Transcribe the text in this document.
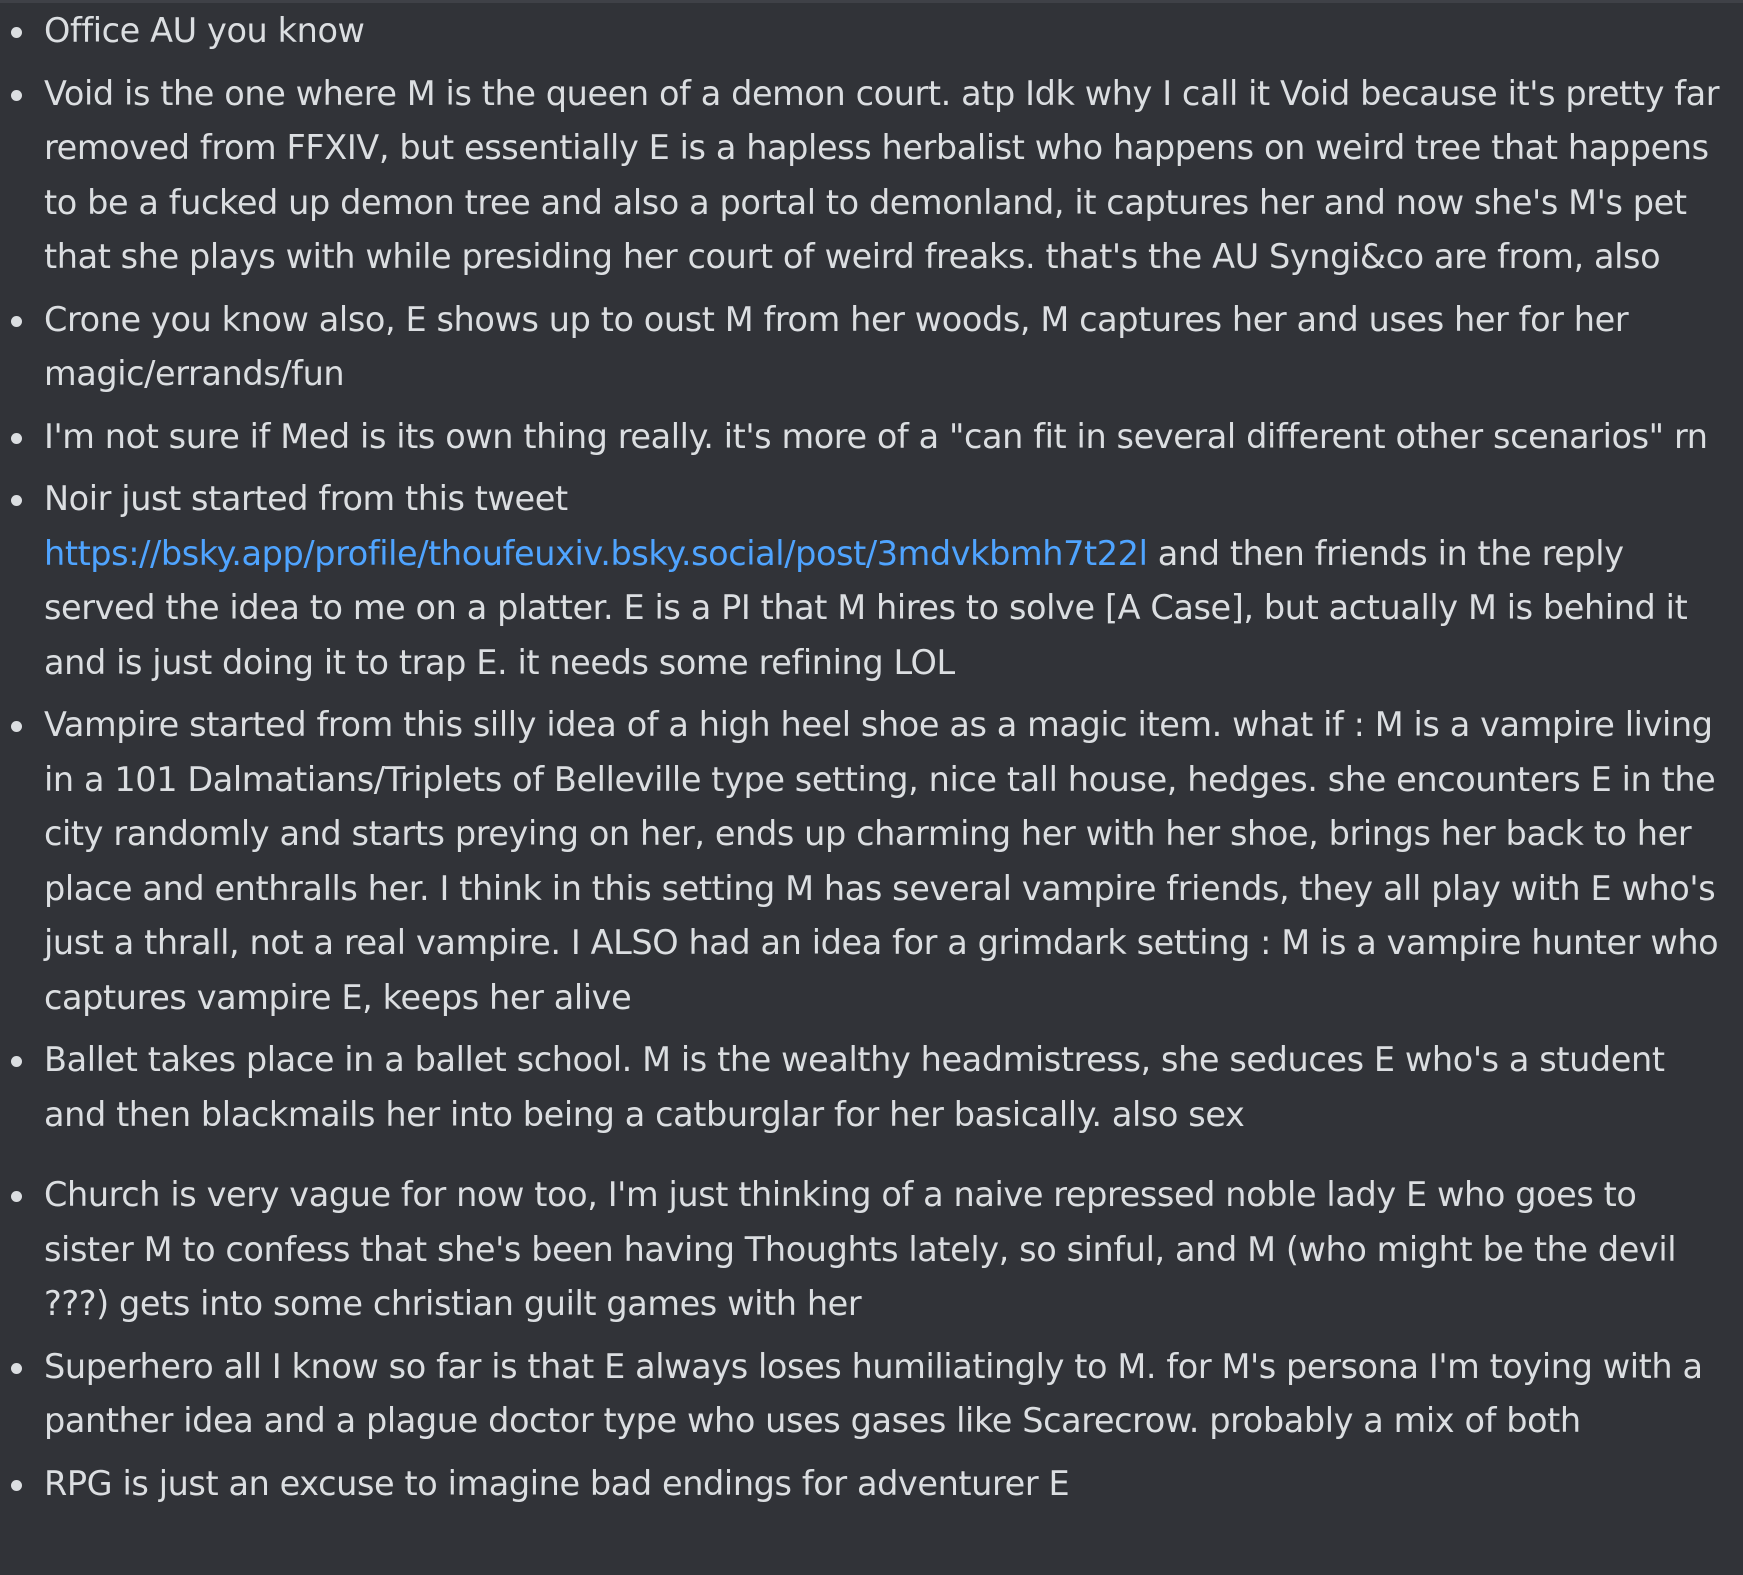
Office AU you know
Void is the one where M is the queen of a demon court. atp Idk why I call it Void because it's pretty far removed from FFXIV, but essentially E is a hapless herbalist who happens on weird tree that happens to be a fucked up demon tree and also a portal to demonland, it captures her and now she's M's pet that she plays with while presiding her court of weird freaks. that's the AU Syngi&co are from, also
Crone you know also, E shows up to oust M from her woods, M captures her and uses her for her magic/errands/fun
I'm not sure if Med is its own thing really. it's more of a "can fit in several different other scenarios" rn
Noir just started from this tweet
https://bsky.app/profile/thoufeuxiv.bsky.social/post/3mdvkbmh7t22l and then friends in the reply served the idea to me on a platter. E is a PI that M hires to solve [A Case], but actually M is behind it and is just doing it to trap E. it needs some refining LOL
Vampire started from this silly idea of a high heel shoe as a magic item. what if : M is a vampire living in a 101 Dalmatians/Triplets of Belleville type setting, nice tall house, hedges. she encounters E in the city randomly and starts preying on her, ends up charming her with her shoe, brings her back to her place and enthralls her. I think in this setting M has several vampire friends, they all play with E who's just a thrall, not a real vampire. I ALSO had an idea for a grimdark setting : M is a vampire hunter who captures vampire E, keeps her alive
Ballet takes place in a ballet school. M is the wealthy headmistress, she seduces E who's a student and then blackmails her into being a catburglar for her basically. also sex
Church is very vague for now too, I'm just thinking of a naive repressed noble lady E who goes to sister M to confess that she's been having Thoughts lately, so sinful, and M (who might be the devil ???) gets into some christian guilt games with her
Superhero all I know so far is that E always loses humiliatingly to M. for M's persona I'm toying with a panther idea and a plague doctor type who uses gases like Scarecrow. probably a mix of both
RPG is just an excuse to imagine bad endings for adventurer E
